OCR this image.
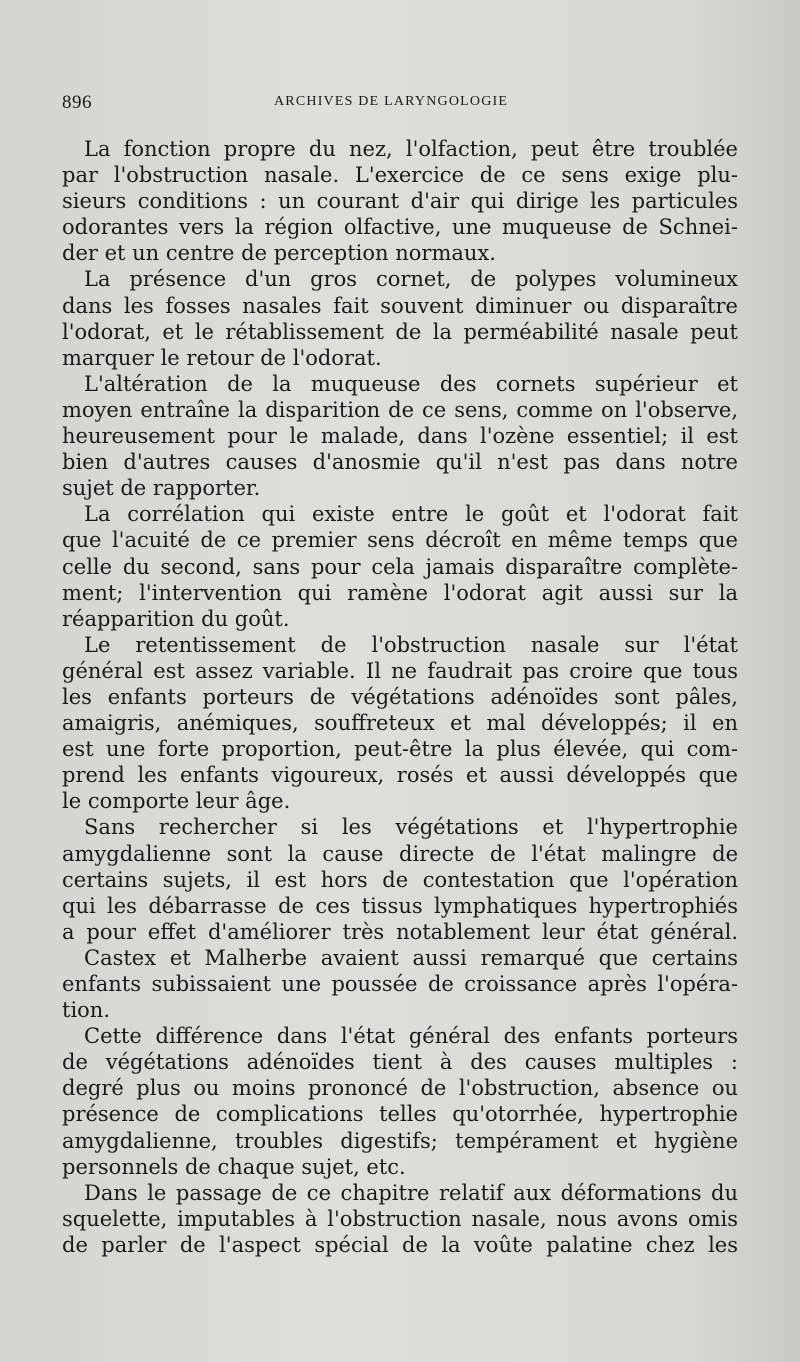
896	ARCHIVES DE LARYNGOLOGIE
La fonction propre du nez, l'olfaction, peut être troublée
par l'obstruction nasale. L'exercice de ce sens exige plu-
sieurs conditions : un courant d'air qui dirige les particules
odorantes vers la région olfactive, une muqueuse de Schnei-
der et un centre de perception normaux.
La présence d'un gros cornet, de polypes volumineux
dans les fosses nasales fait souvent diminuer ou disparaître
l'odorat, et le rétablissement de la perméabilité nasale peut
marquer le retour de l'odorat.
L'altération de la muqueuse des cornets supérieur et
moyen entraîne la disparition de ce sens, comme on l'observe,
heureusement pour le malade, dans l'ozène essentiel; il est
bien d'autres causes d'anosmie qu'il n'est pas dans notre
sujet de rapporter.
La corrélation qui existe entre le goût et l'odorat fait
que l'acuité de ce premier sens décroît en même temps que
celle du second, sans pour cela jamais disparaître complète-
ment; l'intervention qui ramène l'odorat agit aussi sur la
réapparition du goût.
Le retentissement de l'obstruction nasale sur l'état
général est assez variable. Il ne faudrait pas croire que tous
les enfants porteurs de végétations adénoïdes sont pâles,
amaigris, anémiques, souffreteux et mal développés; il en
est une forte proportion, peut-être la plus élevée, qui com-
prend les enfants vigoureux, rosés et aussi développés que
le comporte leur âge.
Sans rechercher si les végétations et l'hypertrophie
amygdalienne sont la cause directe de l'état malingre de
certains sujets, il est hors de contestation que l'opération
qui les débarrasse de ces tissus lymphatiques hypertrophiés
a pour effet d'améliorer très notablement leur état général.
Castex et Malherbe avaient aussi remarqué que certains
enfants subissaient une poussée de croissance après l'opéra-
tion.
Cette différence dans l'état général des enfants porteurs
de végétations adénoïdes tient à des causes multiples :
degré plus ou moins prononcé de l'obstruction, absence ou
présence de complications telles qu'otorrhée, hypertrophie
amygdalienne, troubles digestifs; tempérament et hygiène
personnels de chaque sujet, etc.
Dans le passage de ce chapitre relatif aux déformations du
squelette, imputables à l'obstruction nasale, nous avons omis
de parler de l'aspect spécial de la voûte palatine chez les
